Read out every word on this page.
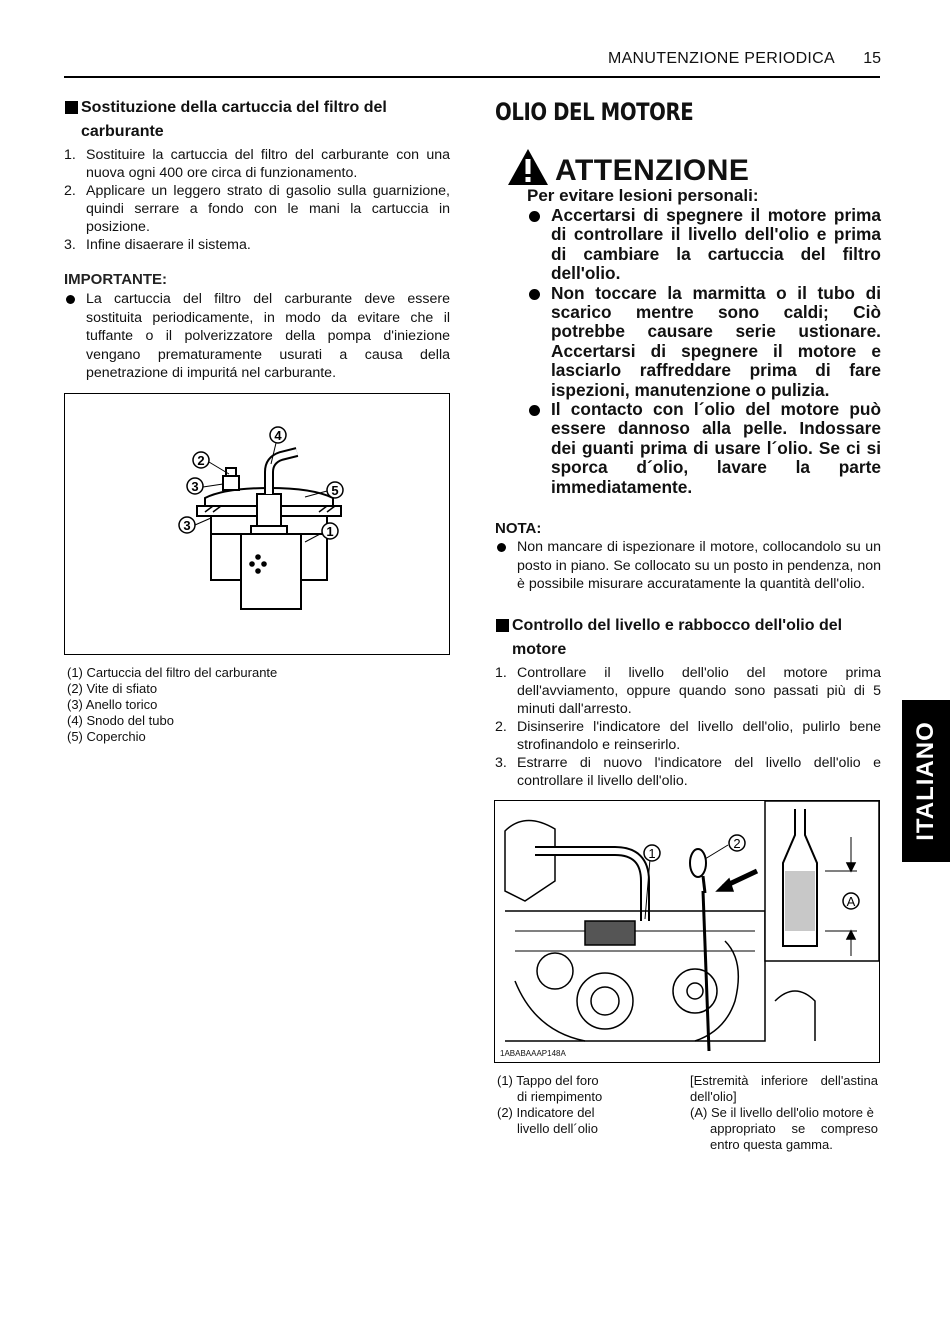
MANUTENZIONE PERIODICA 15
Sostituzione della cartuccia del filtro del
carburante
1. Sostituire la cartuccia del filtro del carburante con una nuova ogni 400 ore circa di funzionamento.
2. Applicare un leggero strato di gasolio sulla guarnizione, quindi serrare a fondo con le mani la cartuccia in posizione.
3. Infine disaerare il sistema.
IMPORTANTE:
La cartuccia del filtro del carburante deve essere sostituita periodicamente, in modo da evitare che il tuffante o il polverizzatore della pompa d'iniezione vengano prematuramente usurati a causa della penetrazione di impuritá nel carburante.
2
3
3
4
5
1
(1) Cartuccia del filtro del carburante
(2) Vite di sfiato
(3) Anello torico
(4) Snodo del tubo
(5) Coperchio
OLIO DEL MOTORE
ATTENZIONE
Per evitare lesioni personali:
Accertarsi di spegnere il motore prima di controllare il livello dell'olio e prima di cambiare la cartuccia del filtro dell'olio.
Non toccare la marmitta o il tubo di scarico mentre sono caldi; Ciò potrebbe causare serie ustionare. Accertarsi di spegnere il motore e lasciarlo raffreddare prima di fare ispezioni, manutenzione o pulizia.
Il contacto con l´olio del motore può essere dannoso alla pelle. Indossare dei guanti prima di usare l´olio. Se ci si sporca d´olio, lavare la parte immediatamente.
NOTA:
Non mancare di ispezionare il motore, collocandolo su un posto in piano. Se collocato su un posto in pendenza, non è possibile misurare accuratamente la quantità dell'olio.
Controllo del livello e rabbocco dell'olio del
motore
1. Controllare il livello dell'olio del motore prima dell'avviamento, oppure quando sono passati più di 5 minuti dall'arresto.
2. Disinserire l'indicatore del livello dell'olio, pulirlo bene strofinandolo e reinserirlo.
3. Estrarre di nuovo l'indicatore del livello dell'olio e controllare il livello dell'olio.
1
2
A
1ABABAAAP148A
(1) Tappo del foro
di riempimento
(2) Indicatore del
livello dell´olio
[Estremità inferiore dell'astina dell'olio]
(A) Se il livello dell'olio motore è
appropriato se compreso entro questa gamma.
ITALIANO
